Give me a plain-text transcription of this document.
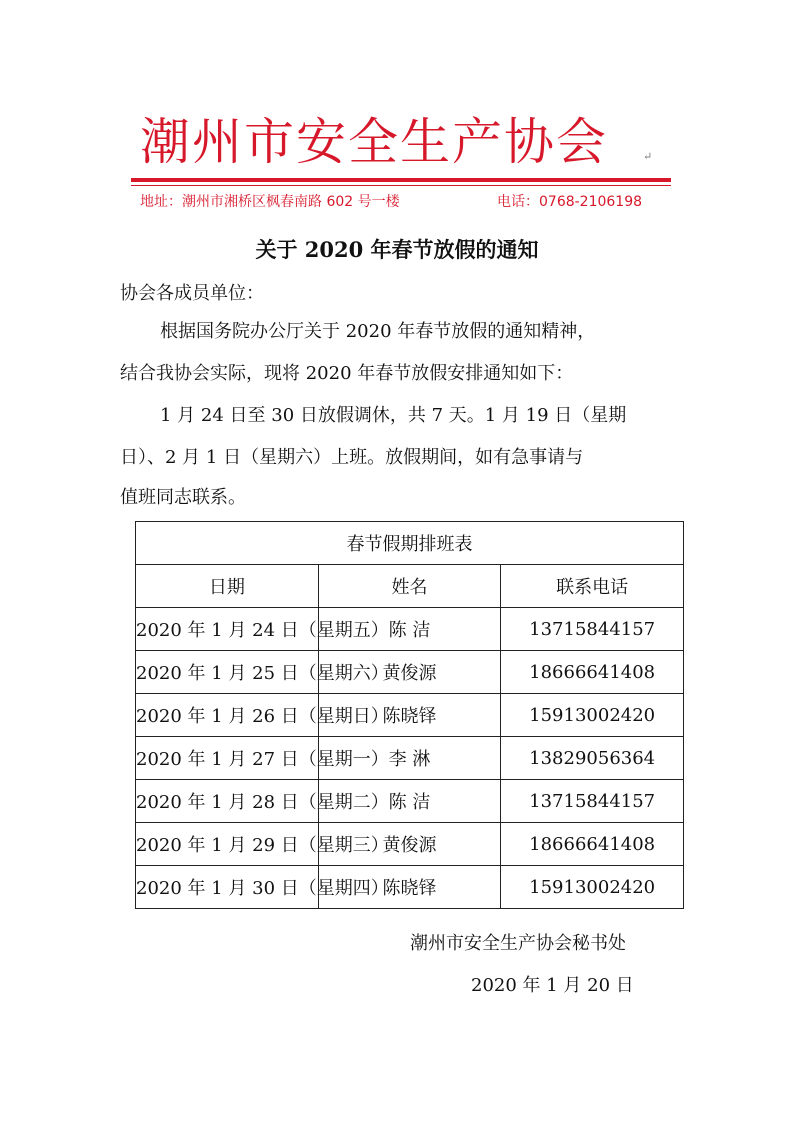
潮州市安全生产协会	↵
地址：潮州市湘桥区枫春南路 602 号一楼	电话：0768-2106198
关于 2020 年春节放假的通知
协会各成员单位：
根据国务院办公厅关于 2020 年春节放假的通知精神，
结合我协会实际，现将 2020 年春节放假安排通知如下：
1 月 24 日至 30 日放假调休，共 7 天。1 月 19 日（星期
日）、2 月 1 日（星期六）上班。放假期间，如有急事请与
值班同志联系。
春节假期排班表		
日期	姓名	联系电话
2020 年 1 月 24 日（星期五）	陈 洁	13715844157
2020 年 1 月 25 日（星期六）	黄俊源	18666641408
2020 年 1 月 26 日（星期日）	陈晓铎	15913002420
2020 年 1 月 27 日（星期一）	李 淋	13829056364
2020 年 1 月 28 日（星期二）	陈 洁	13715844157
2020 年 1 月 29 日（星期三）	黄俊源	18666641408
2020 年 1 月 30 日（星期四）	陈晓铎	15913002420
潮州市安全生产协会秘书处
2020 年 1 月 20 日
